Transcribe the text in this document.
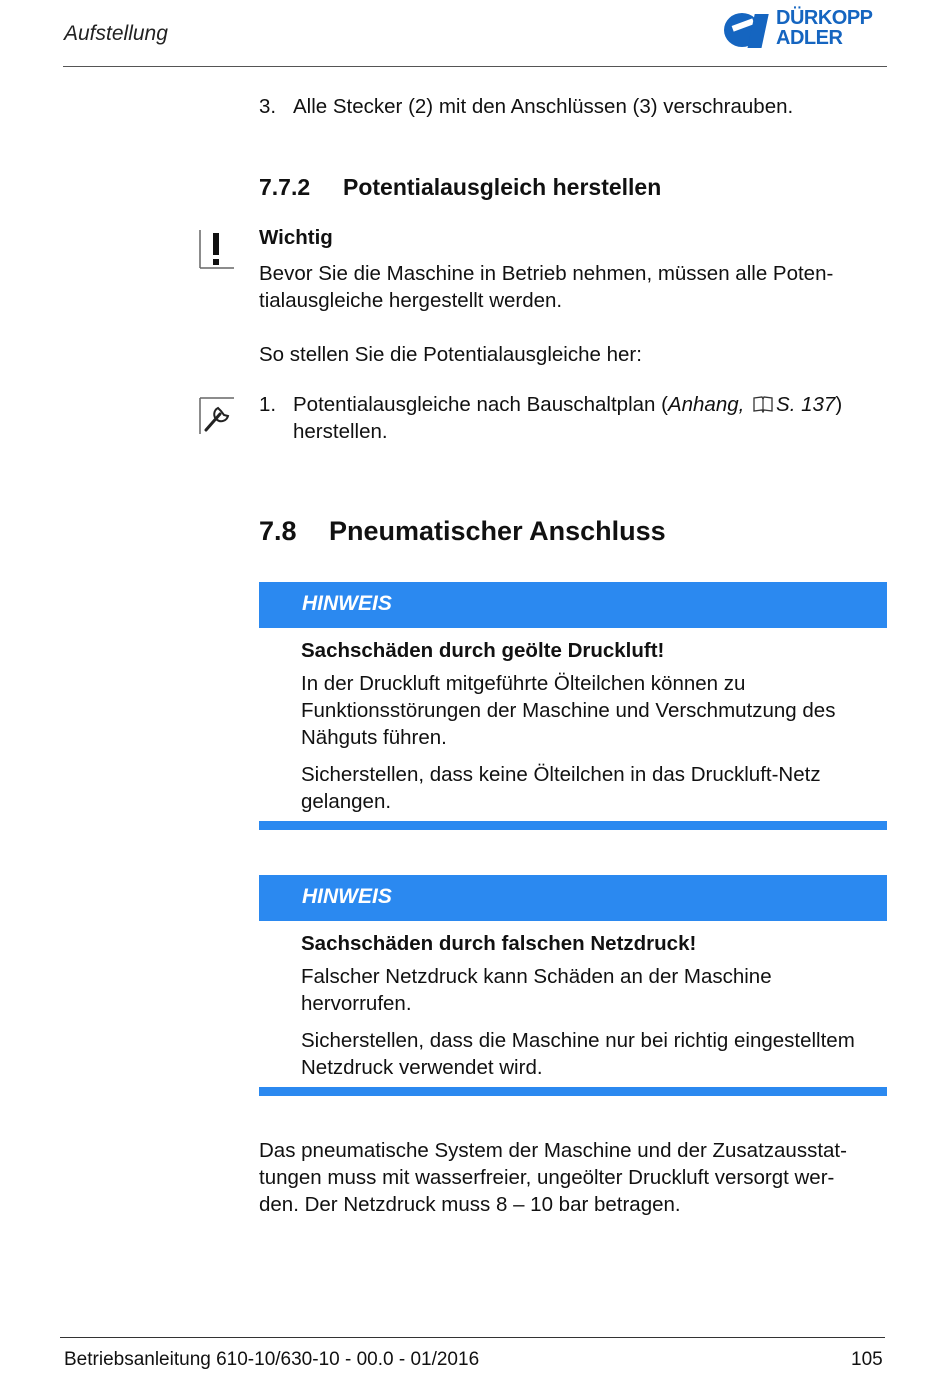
Aufstellung
DÜRKOPP
ADLER
3. Alle Stecker (2) mit den Anschlüssen (3) verschrauben.
7.7.2 Potentialausgleich herstellen
Wichtig
Bevor Sie die Maschine in Betrieb nehmen, müssen alle Poten-
tialausgleiche hergestellt werden.
So stellen Sie die Potentialausgleiche her:
1. Potentialausgleiche nach Bauschaltplan (Anhang, S. 137)
herstellen.
7.8 Pneumatischer Anschluss
HINWEIS
Sachschäden durch geölte Druckluft!

In der Druckluft mitgeführte Ölteilchen können zu Funktionsstörungen der Maschine und Verschmutzung des Nähguts führen.

Sicherstellen, dass keine Ölteilchen in das Druckluft-Netz gelangen.

HINWEIS
Sachschäden durch falschen Netzdruck!

Falscher Netzdruck kann Schäden an der Maschine hervorrufen.

Sicherstellen, dass die Maschine nur bei richtig eingestelltem Netzdruck verwendet wird.

Das pneumatische System der Maschine und der Zusatzausstat-
tungen muss mit wasserfreier, ungeölter Druckluft versorgt wer-
den. Der Netzdruck muss 8 – 10 bar betragen.
Betriebsanleitung 610-10/630-10 - 00.0 - 01/2016	105
